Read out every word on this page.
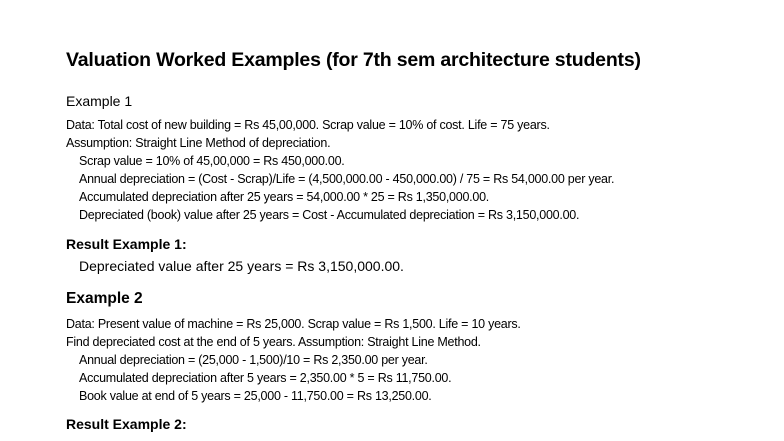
Valuation Worked Examples (for 7th sem architecture students)
Example 1
Data: Total cost of new building = Rs 45,00,000. Scrap value = 10% of cost. Life = 75 years.
Assumption: Straight Line Method of depreciation.
Scrap value = 10% of 45,00,000 = Rs 450,000.00.
Annual depreciation = (Cost - Scrap)/Life = (4,500,000.00 - 450,000.00) / 75 = Rs 54,000.00 per year.
Accumulated depreciation after 25 years = 54,000.00 * 25 = Rs 1,350,000.00.
Depreciated (book) value after 25 years = Cost - Accumulated depreciation = Rs 3,150,000.00.
Result Example 1:
Depreciated value after 25 years = Rs 3,150,000.00.
Example 2
Data: Present value of machine = Rs 25,000. Scrap value = Rs 1,500. Life = 10 years.
Find depreciated cost at the end of 5 years. Assumption: Straight Line Method.
Annual depreciation = (25,000 - 1,500)/10 = Rs 2,350.00 per year.
Accumulated depreciation after 5 years = 2,350.00 * 5 = Rs 11,750.00.
Book value at end of 5 years = 25,000 - 11,750.00 = Rs 13,250.00.
Result Example 2:
